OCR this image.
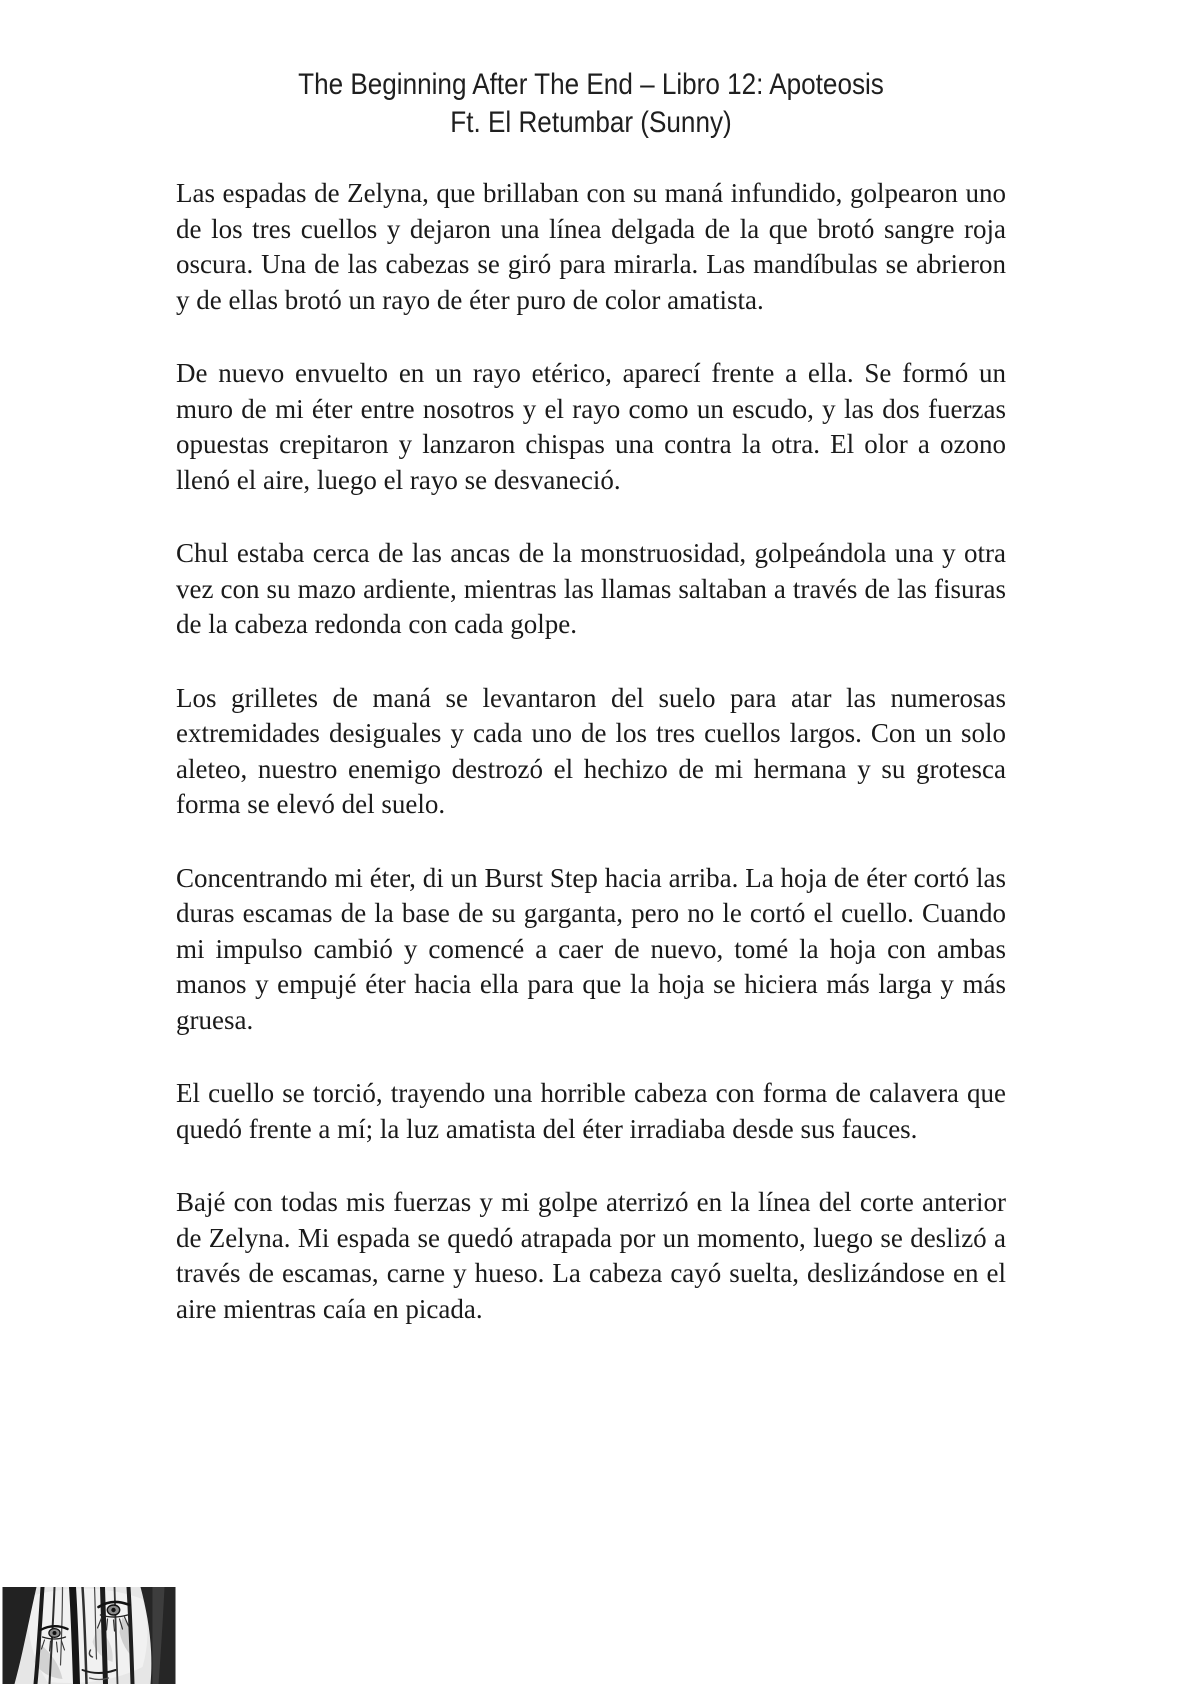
The Beginning After The End – Libro 12: Apoteosis
Ft. El Retumbar (Sunny)

Las espadas de Zelyna, que brillaban con su maná infundido, golpearon uno de los tres cuellos y dejaron una línea delgada de la que brotó sangre roja oscura. Una de las cabezas se giró para mirarla. Las mandíbulas se abrieron y de ellas brotó un rayo de éter puro de color amatista.

De nuevo envuelto en un rayo etérico, aparecí frente a ella. Se formó un muro de mi éter entre nosotros y el rayo como un escudo, y las dos fuerzas opuestas crepitaron y lanzaron chispas una contra la otra. El olor a ozono llenó el aire, luego el rayo se desvaneció.

Chul estaba cerca de las ancas de la monstruosidad, golpeándola una y otra vez con su mazo ardiente, mientras las llamas saltaban a través de las fisuras de la cabeza redonda con cada golpe.

Los grilletes de maná se levantaron del suelo para atar las numerosas extremidades desiguales y cada uno de los tres cuellos largos. Con un solo aleteo, nuestro enemigo destrozó el hechizo de mi hermana y su grotesca forma se elevó del suelo.

Concentrando mi éter, di un Burst Step hacia arriba. La hoja de éter cortó las duras escamas de la base de su garganta, pero no le cortó el cuello. Cuando mi impulso cambió y comencé a caer de nuevo, tomé la hoja con ambas manos y empujé éter hacia ella para que la hoja se hiciera más larga y más gruesa.

El cuello se torció, trayendo una horrible cabeza con forma de calavera que quedó frente a mí; la luz amatista del éter irradiaba desde sus fauces.

Bajé con todas mis fuerzas y mi golpe aterrizó en la línea del corte anterior de Zelyna. Mi espada se quedó atrapada por un momento, luego se deslizó a través de escamas, carne y hueso. La cabeza cayó suelta, deslizándose en el aire mientras caía en picada.
